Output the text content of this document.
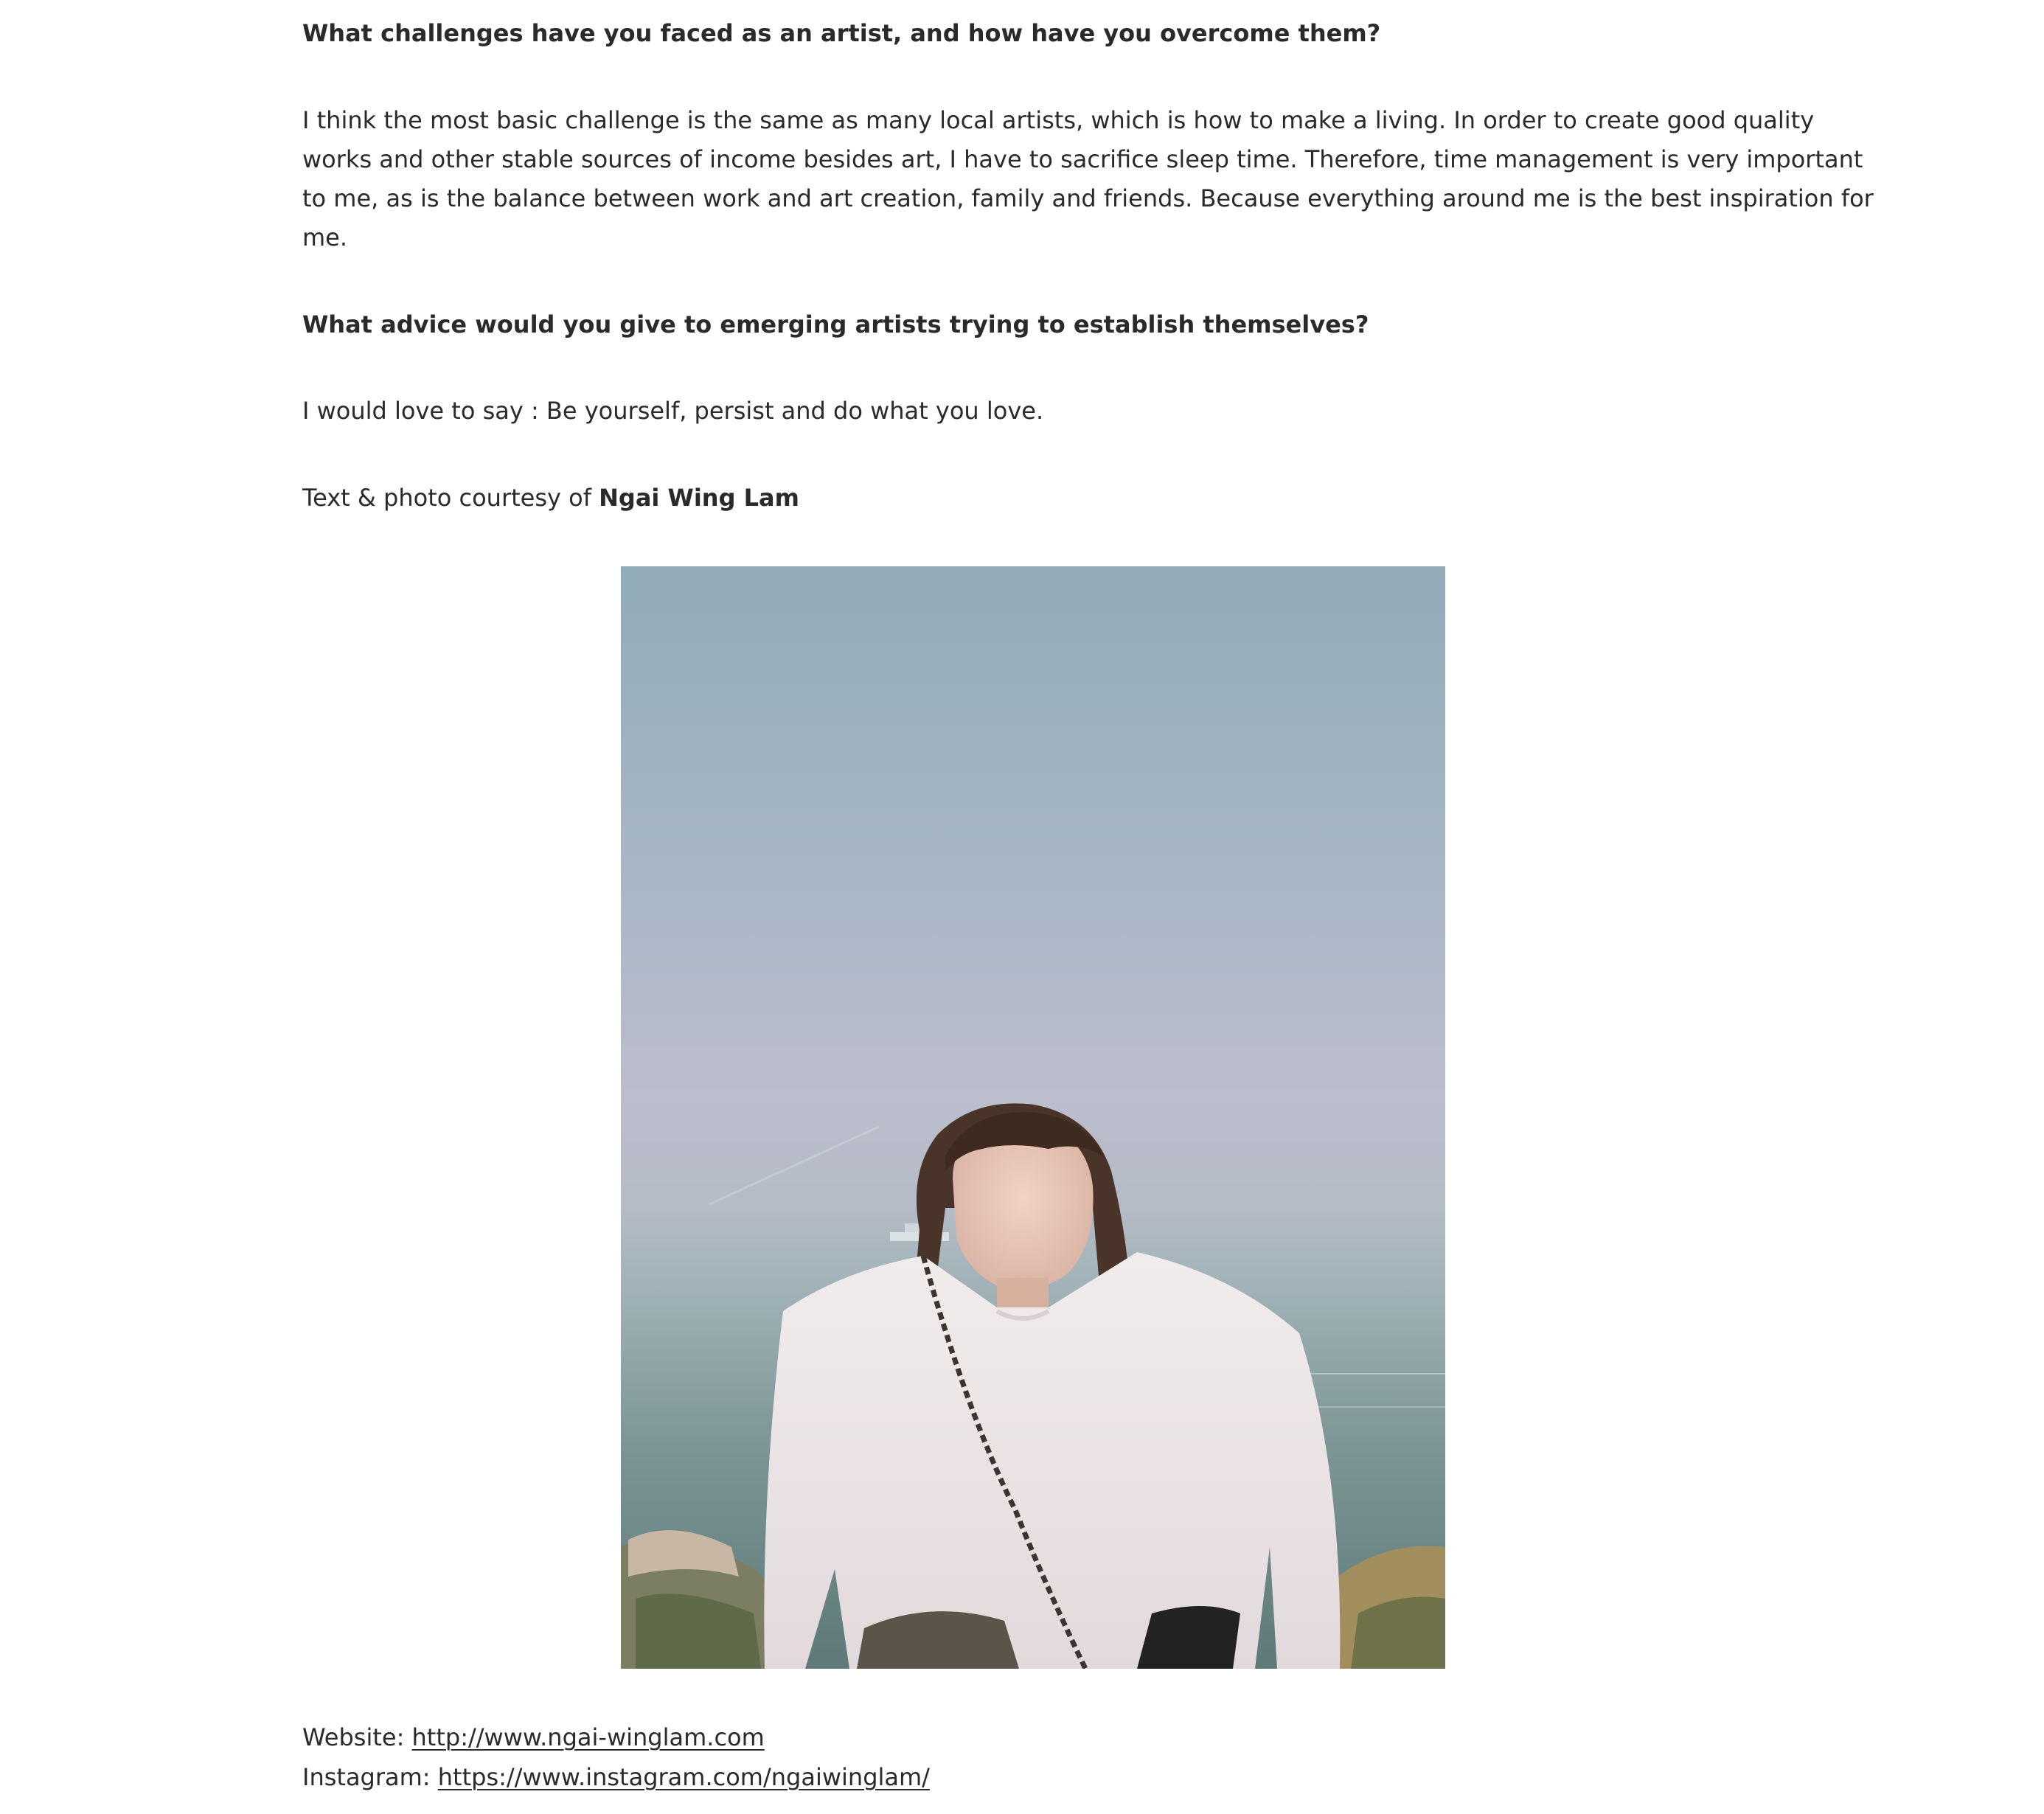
What challenges have you faced as an artist, and how have you overcome them?

I think the most basic challenge is the same as many local artists, which is how to make a living. In order to create good quality

works and other stable sources of income besides art, I have to sacrifice sleep time. Therefore, time management is very important

to me, as is the balance between work and art creation, family and friends. Because everything around me is the best inspiration for

me.

What advice would you give to emerging artists trying to establish themselves?

I would love to say : Be yourself, persist and do what you love.

Text & photo courtesy of Ngai Wing Lam

Website: http://www.ngai-winglam.com
Instagram: https://www.instagram.com/ngaiwinglam/
